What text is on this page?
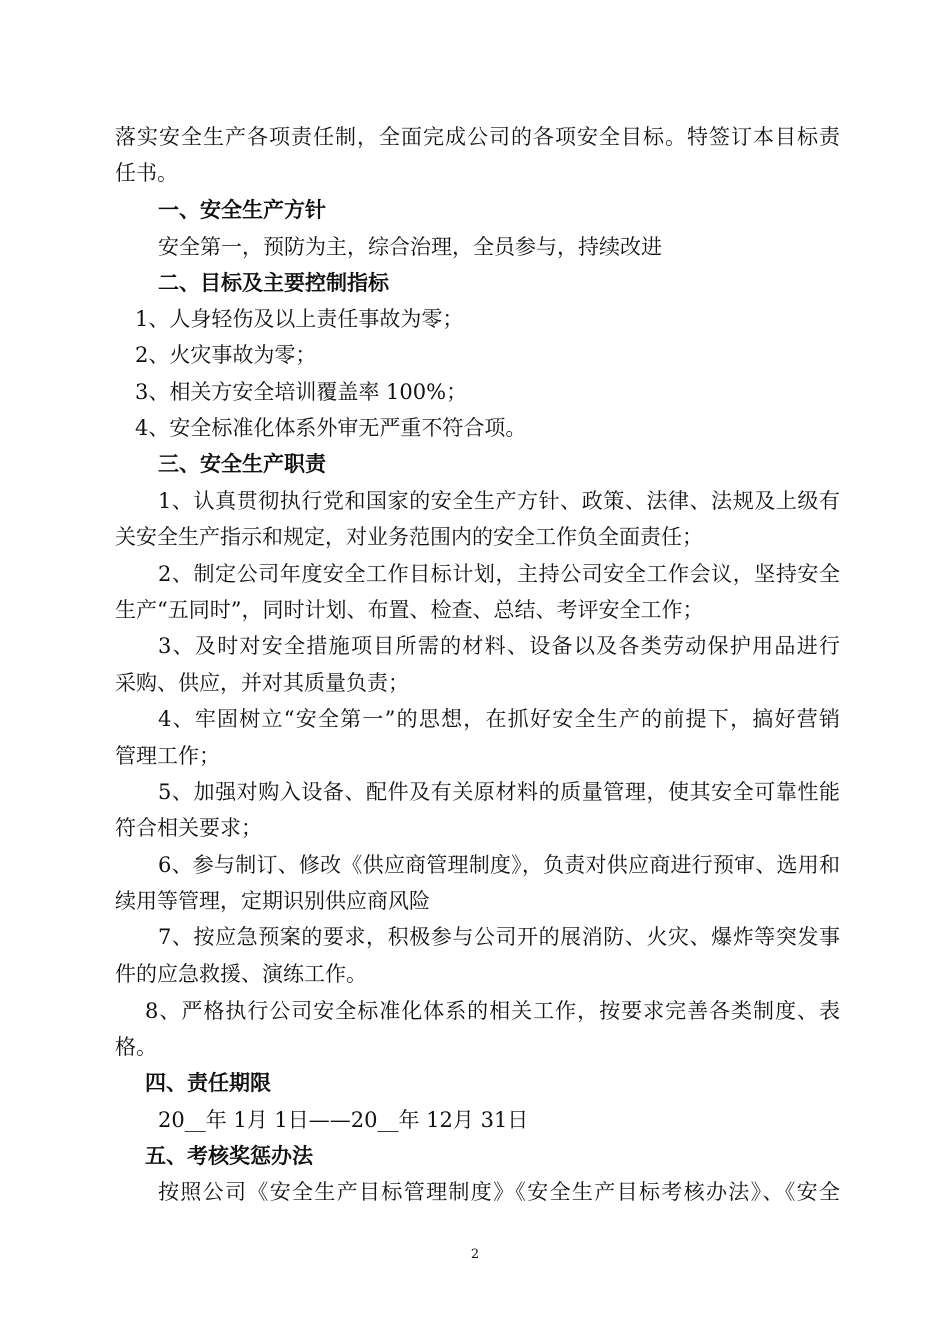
落实安全生产各项责任制，全面完成公司的各项安全目标。特签订本目标责
任书。
一、安全生产方针
安全第一，预防为主，综合治理，全员参与，持续改进
二、目标及主要控制指标
1、人身轻伤及以上责任事故为零；
2、火灾事故为零；
3、相关方安全培训覆盖率 100%；
4、安全标准化体系外审无严重不符合项。
三、安全生产职责
1、认真贯彻执行党和国家的安全生产方针、政策、法律、法规及上级有
关安全生产指示和规定，对业务范围内的安全工作负全面责任；
2、制定公司年度安全工作目标计划，主持公司安全工作会议，坚持安全
生产“五同时”，同时计划、布置、检查、总结、考评安全工作；
3、及时对安全措施项目所需的材料、设备以及各类劳动保护用品进行
采购、供应，并对其质量负责；
4、牢固树立“安全第一”的思想，在抓好安全生产的前提下，搞好营销
管理工作；
5、加强对购入设备、配件及有关原材料的质量管理，使其安全可靠性能
符合相关要求；
6、参与制订、修改《供应商管理制度》，负责对供应商进行预审、选用和
续用等管理，定期识别供应商风险
7、按应急预案的要求，积极参与公司开的展消防、火灾、爆炸等突发事
件的应急救援、演练工作。
8、严格执行公司安全标准化体系的相关工作，按要求完善各类制度、表
格。
四、责任期限
20__年 1月 1日——20__年 12月 31日
五、考核奖惩办法
按照公司《安全生产目标管理制度》《安全生产目标考核办法》、《安全
2
